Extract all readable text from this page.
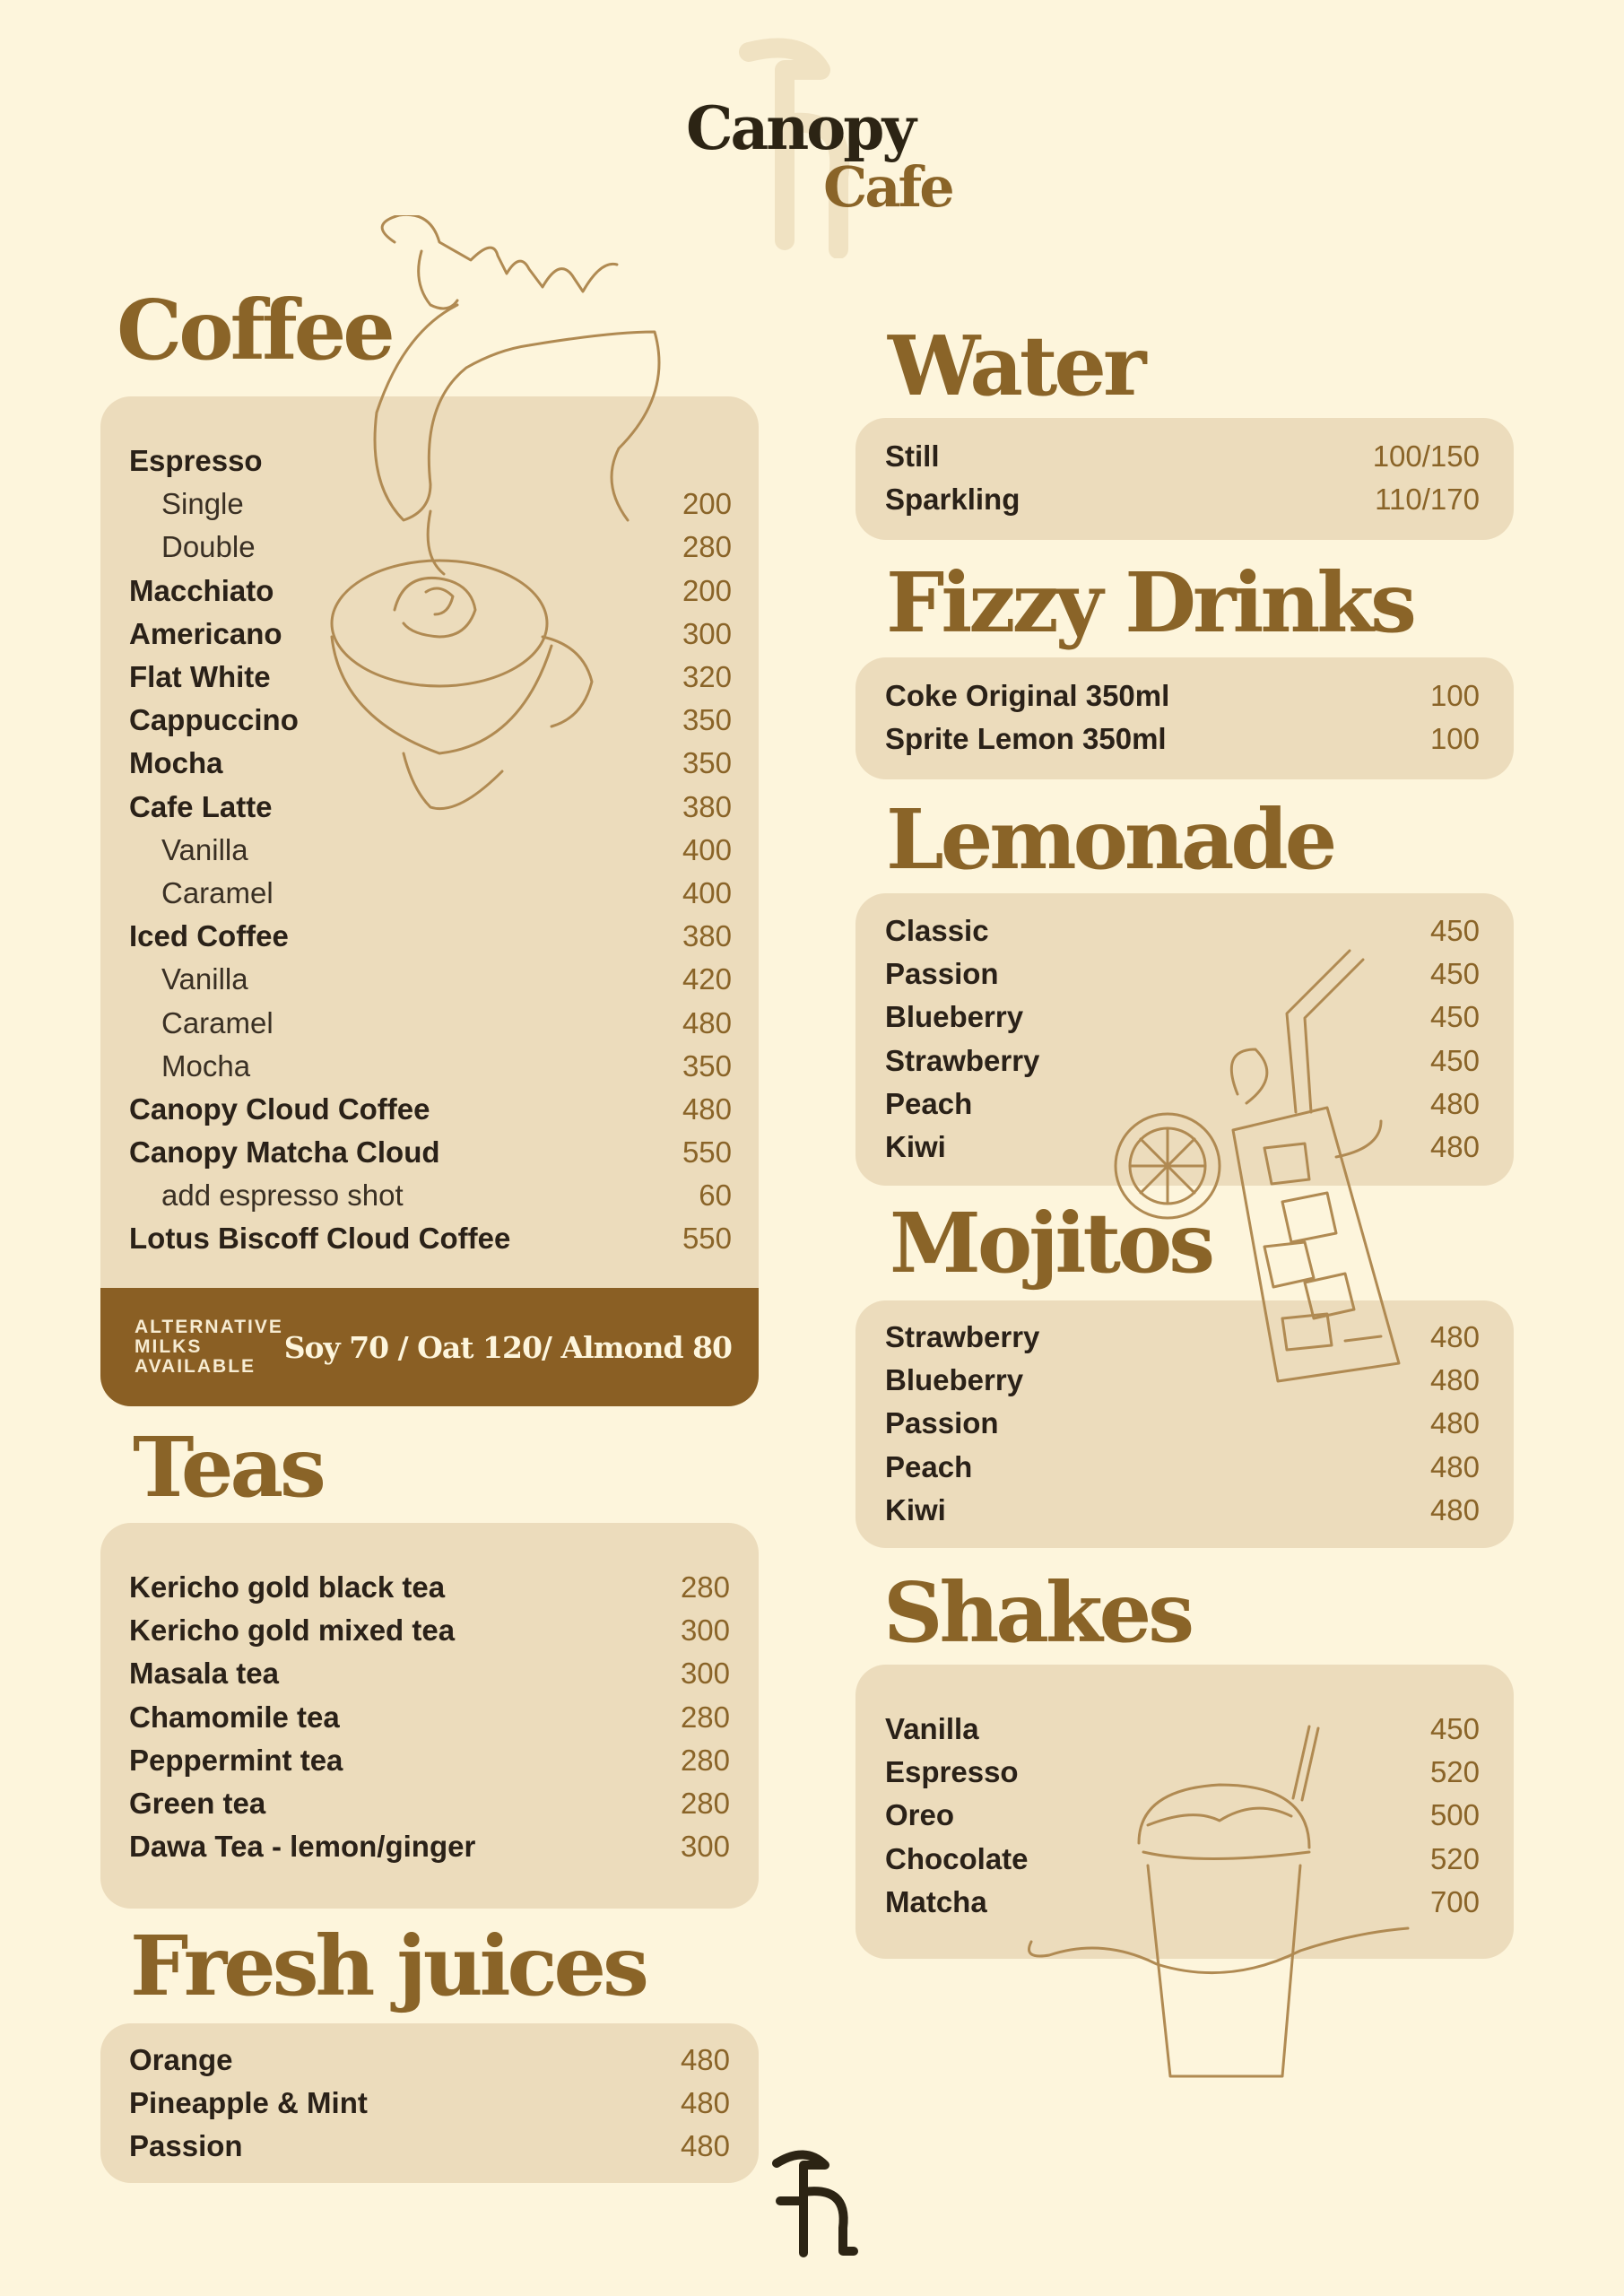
Canopy
Cafe
Coffee
Espresso
Single	200
Double	280
Macchiato	200
Americano	300
Flat White	320
Cappuccino	350
Mocha	350
Cafe Latte	380
Vanilla	400
Caramel	400
Iced Coffee	380
Vanilla	420
Caramel	480
Mocha	350
Canopy Cloud Coffee	480
Canopy Matcha Cloud	550
add espresso shot	60
Lotus Biscoff Cloud Coffee	550
ALTERNATIVE MILKS AVAILABLE
Soy 70 / Oat 120/ Almond 80
Teas
Kericho gold black tea	280
Kericho gold mixed tea	300
Masala tea	300
Chamomile tea	280
Peppermint tea	280
Green tea	280
Dawa Tea - lemon/ginger	300
Fresh juices
Orange	480
Pineapple & Mint	480
Passion	480
Water
Still	100/150
Sparkling	110/170
Fizzy Drinks
Coke Original 350ml	100
Sprite Lemon 350ml	100
Lemonade
Classic	450
Passion	450
Blueberry	450
Strawberry	450
Peach	480
Kiwi	480
Mojitos
Strawberry	480
Blueberry	480
Passion	480
Peach	480
Kiwi	480
Shakes
Vanilla	450
Espresso	520
Oreo	500
Chocolate	520
Matcha	700
